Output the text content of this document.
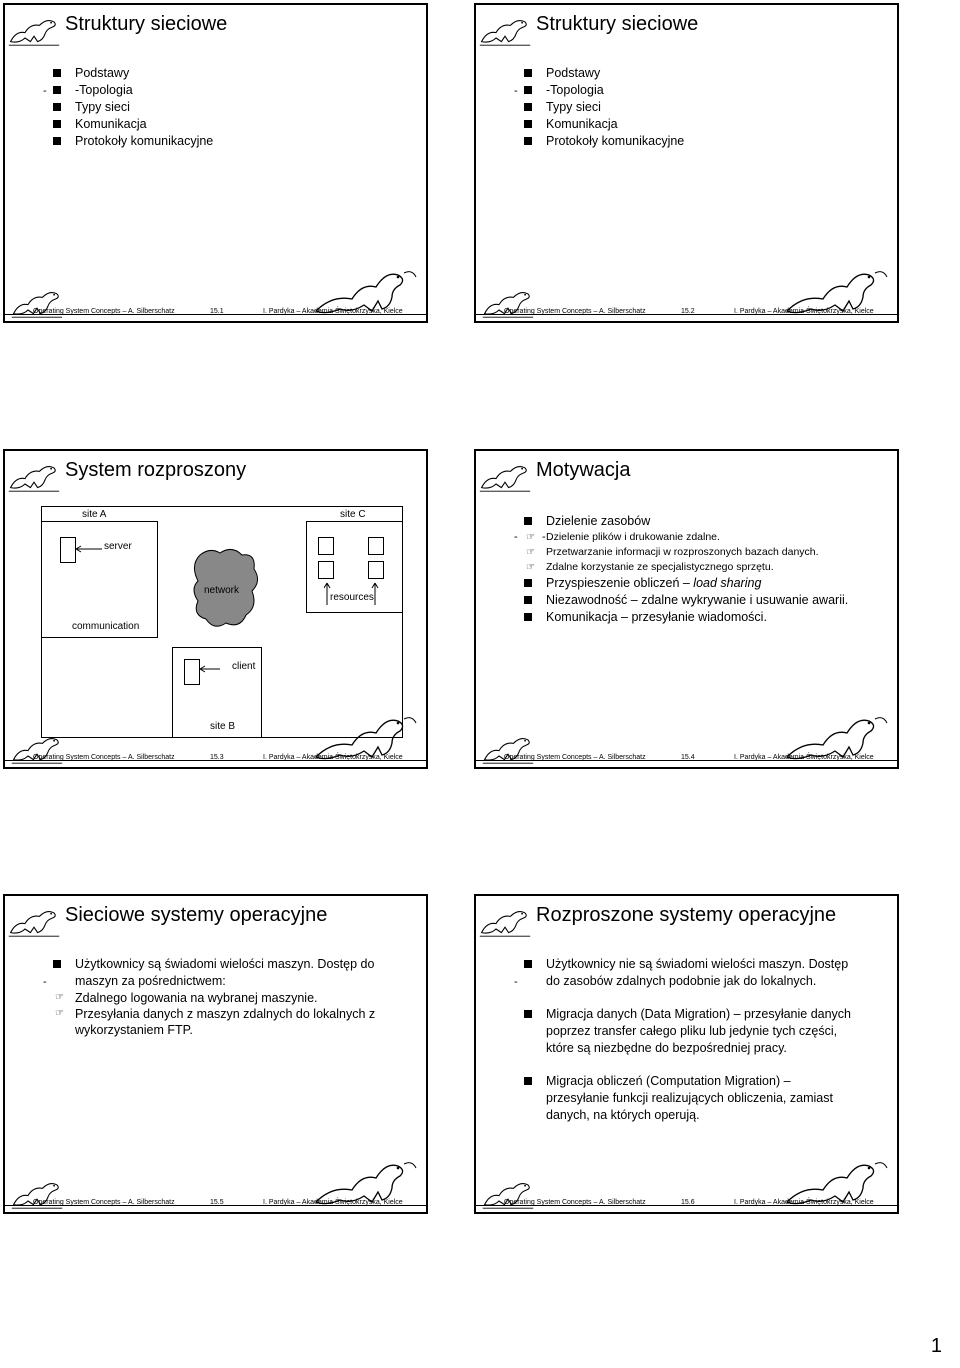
Struktury sieciowe
-
Podstawy
-Topologia
Typy sieci
Komunikacja
Protokoły komunikacyjne
Operating System Concepts – A. Silberschatz	15.1	I. Pardyka – Akademia Świętokrzyska, Kielce
Struktury sieciowe
-
Podstawy
-Topologia
Typy sieci
Komunikacja
Protokoły komunikacyjne
Operating System Concepts – A. Silberschatz	15.2	I. Pardyka – Akademia Świętokrzyska, Kielce
System rozproszony
site A	site C
server
communication
network
resources
client
site B
Operating System Concepts – A. Silberschatz	15.3	I. Pardyka – Akademia Świętokrzyska, Kielce
Motywacja
- -
Dzielenie zasobów
☞ Dzielenie plików i drukowanie zdalne.
☞ Przetwarzanie informacji w rozproszonych bazach danych.
☞ Zdalne korzystanie ze specjalistycznego sprzętu.
Przyspieszenie obliczeń – load sharing
Niezawodność – zdalne wykrywanie i usuwanie awarii.
Komunikacja – przesyłanie wiadomości.
Operating System Concepts – A. Silberschatz	15.4	I. Pardyka – Akademia Świętokrzyska, Kielce
Sieciowe systemy operacyjne
-
Użytkownicy są świadomi wielości maszyn. Dostęp do maszyn za pośrednictwem:
☞ Zdalnego logowania na wybranej maszynie.
☞ Przesyłania danych z maszyn zdalnych do lokalnych z wykorzystaniem FTP.
Operating System Concepts – A. Silberschatz	15.5	I. Pardyka – Akademia Świętokrzyska, Kielce
Rozproszone systemy operacyjne
-
Użytkownicy nie są świadomi wielości maszyn. Dostęp do zasobów zdalnych podobnie jak do lokalnych.
Migracja danych (Data Migration) – przesyłanie danych poprzez transfer całego pliku lub jedynie tych części, które są niezbędne do bezpośredniej pracy.
Migracja obliczeń (Computation Migration) – przesyłanie funkcji realizujących obliczenia, zamiast danych, na których operują.
Operating System Concepts – A. Silberschatz	15.6	I. Pardyka – Akademia Świętokrzyska, Kielce
1
